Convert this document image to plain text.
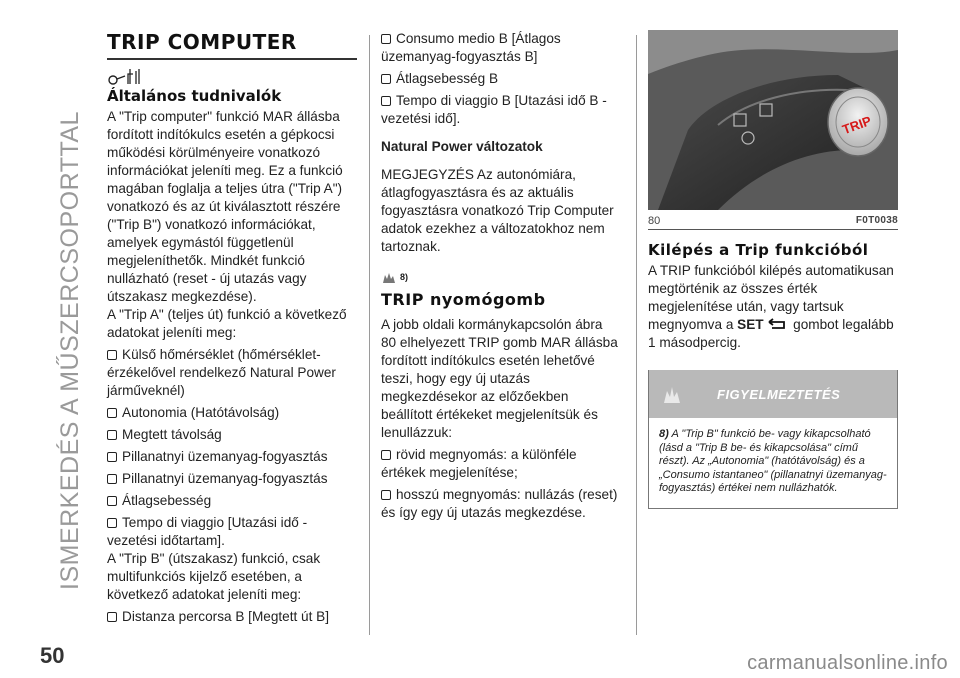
ISMERKEDÉS A MŰSZERCSOPORTTAL
50
TRIP COMPUTER
Általános tudnivalók
A "Trip computer" funkció MAR állásba fordított indítókulcs esetén a gépkocsi működési körülményeire vonatkozó információkat jeleníti meg. Ez a funkció magában foglalja a teljes útra ("Trip A") vonatkozó és az út kiválasztott részére ("Trip B") vonatkozó információkat, amelyek egymástól függetlenül megjeleníthetők. Mindkét funkció nullázható (reset - új utazás vagy útszakasz megkezdése).
A "Trip A" (teljes út) funkció a következő adatokat jeleníti meg:
Külső hőmérséklet (hőmérséklet-érzékelővel rendelkező Natural Power járműveknél)
Autonomia (Hatótávolság)
Megtett távolság
Pillanatnyi üzemanyag-fogyasztás
Pillanatnyi üzemanyag-fogyasztás
Átlagsebesség
Tempo di viaggio [Utazási idő - vezetési időtartam].
A "Trip B" (útszakasz) funkció, csak multifunkciós kijelző esetében, a következő adatokat jeleníti meg:
Distanza percorsa B [Megtett út B]
Consumo medio B [Átlagos üzemanyag-fogyasztás B]
Átlagsebesség B
Tempo di viaggio B [Utazási idő B - vezetési idő].
Natural Power változatok
MEGJEGYZÉS Az autonómiára, átlagfogyasztásra és az aktuális fogyasztásra vonatkozó Trip Computer adatok ezekhez a változatokhoz nem tartoznak.
8)
TRIP nyomógomb
A jobb oldali kormánykapcsolón ábra 80 elhelyezett TRIP gomb MAR állásba fordított indítókulcs esetén lehetővé teszi, hogy egy új utazás megkezdésekor az előzőekben beállított értékeket megjelenítsük és lenullázzuk:
rövid megnyomás: a különféle értékek megjelenítése;
hosszú megnyomás: nullázás (reset) és így egy új utazás megkezdése.
TRIP
80	F0T0038
Kilépés a Trip funkcióból
A TRIP funkcióból kilépés automatikusan megtörténik az összes érték megjelenítése után, vagy tartsuk megnyomva a SET gombot legalább 1 másodpercig.
FIGYELMEZTETÉS
8) A "Trip B" funkció be- vagy kikapcsolható (lásd a "Trip B be- és kikapcsolása" című részt). Az „Autonomia" (hatótávolság) és a „Consumo istantaneo" (pillanatnyi üzemanyag-fogyasztás) értékei nem nullázhatók.
carmanualsonline.info
